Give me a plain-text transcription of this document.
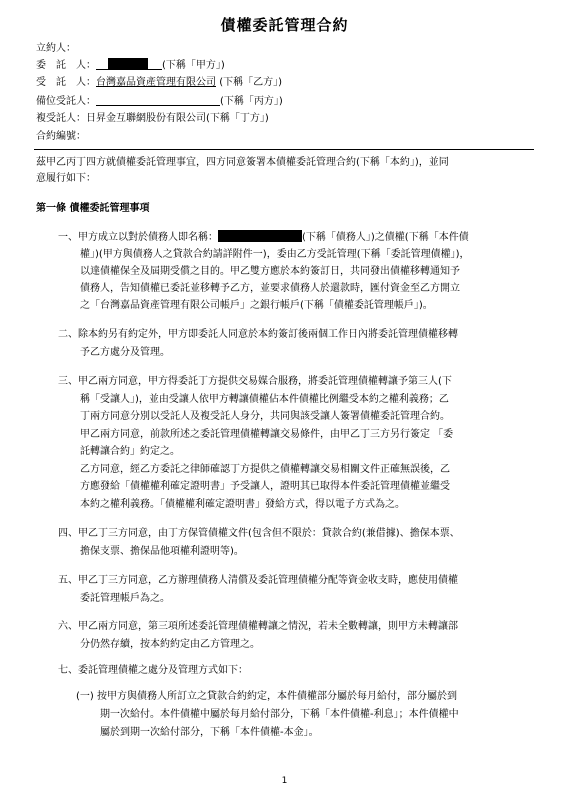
債權委託管理合約
立約人：
委　託　人：	(下稱「甲方」)
受　託　人：台灣嘉品資產管理有限公司 (下稱「乙方」)
備位受託人：	(下稱「丙方」)
複受託人：日昇金互聯網股份有限公司(下稱「丁方」)
合約編號：
茲甲乙丙丁四方就債權委託管理事宜，四方同意簽署本債權委託管理合約(下稱「本約」)，並同
意履行如下：
第一條 債權委託管理事項
一、甲方成立以對於債務人即名稱：	(下稱「債務人」)之債權(下稱「本件債
權」)(甲方與債務人之貸款合約請詳附件一)，委由乙方受託管理(下稱「委託管理債權」)，
以達債權保全及屆期受償之目的。甲乙雙方應於本約簽訂日，共同發出債權移轉通知予
債務人，告知債權已委託並移轉予乙方，並要求債務人於還款時，匯付資金至乙方開立
之「台灣嘉品資產管理有限公司帳戶」之銀行帳戶(下稱「債權委託管理帳戶」)。
二、除本約另有約定外，甲方即委託人同意於本約簽訂後兩個工作日內將委託管理債權移轉
予乙方處分及管理。
三、甲乙兩方同意，甲方得委託丁方提供交易媒合服務，將委託管理債權轉讓予第三人(下
稱「受讓人」)，並由受讓人依甲方轉讓債權佔本件債權比例繼受本約之權利義務；乙
丁兩方同意分別以受託人及複受託人身分，共同與該受讓人簽署債權委託管理合約。
甲乙兩方同意，前款所述之委託管理債權轉讓交易條件，由甲乙丁三方另行簽定 「委
託轉讓合約」約定之。
乙方同意，經乙方委託之律師確認丁方提供之債權轉讓交易相關文件正確無誤後，乙
方應發給「債權權利確定證明書」予受讓人，證明其已取得本件委託管理債權並繼受
本約之權利義務。「債權權利確定證明書」發給方式，得以電子方式為之。
四、甲乙丁三方同意，由丁方保管債權文件(包含但不限於：貸款合約(兼借據)、擔保本票、
擔保支票、擔保品他項權利證明等)。
五、甲乙丁三方同意，乙方辦理債務人清償及委託管理債權分配等資金收支時，應使用債權
委託管理帳戶為之。
六、甲乙兩方同意，第三項所述委託管理債權轉讓之情況，若未全數轉讓，則甲方未轉讓部
分仍然存續，按本約約定由乙方管理之。
七、委託管理債權之處分及管理方式如下：
(一) 按甲方與債務人所訂立之貸款合約約定，本件債權部分屬於每月給付，部分屬於到
期一次給付。本件債權中屬於每月給付部分，下稱「本件債權-利息」；本件債權中
屬於到期一次給付部分，下稱「本件債權-本金」。
1
